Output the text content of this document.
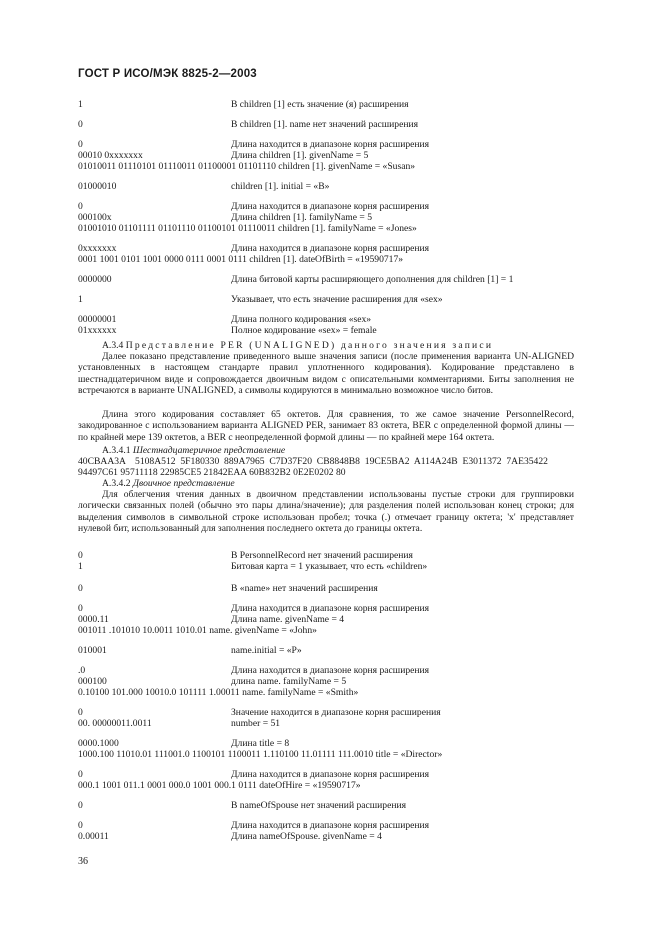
ГОСТ Р ИСО/МЭК 8825-2—2003
1	В children [1] есть значение (я) расширения
0	В children [1]. name нет значений расширения
0	Длина находится в диапазоне корня расширения
00010 0xxxxxxx	Длина children [1]. givenName = 5
01010011 01110101 01110011 01100001 01101110 children [1]. givenName = «Susan»
01000010	children [1]. initial = «B»
0	Длина находится в диапазоне корня расширения
000100x	Длина children [1]. familyName = 5
01001010 01101111 01101110 01100101 01110011 children [1]. familyName = «Jones»
0xxxxxxx	Длина находится в диапазоне корня расширения
0001 1001 0101 1001 0000 0111 0001 0111 children [1]. dateOfBirth = «19590717»
0000000	Длина битовой карты расширяющего дополнения для children [1] = 1
1	Указывает, что есть значение расширения для «sex»
00000001	Длина полного кодирования «sex»
01xxxxxx	Полное кодирование «sex» = female
А.3.4 Представление PER (UNALIGNED) данного значения записи

Далее показано представление приведенного выше значения записи (после применения варианта UN-ALIGNED установленных в настоящем стандарте правил уплотненного кодирования). Кодирование представлено в шестнадцатеричном виде и сопровождается двоичным видом с описательными комментариями. Биты заполнения не встречаются в варианте UNALIGNED, а символы кодируются в минимально возможное число битов.

Длина этого кодирования составляет 65 октетов. Для сравнения, то же самое значение PersonnelRecord, закодированное с использованием варианта ALIGNED PER, занимает 83 октета, BER с определенной формой длины — по крайней мере 139 октетов, а BER с неопределенной формой длины — по крайней мере 164 октета.

А.3.4.1 Шестнадцатеричное представление
40CBAA3A    5108A512  5F180330  889A7965  C7D37F20  CB8848B8  19CE5BA2  A114A24B  E3011372  7AE35422
94497C61 95711118 22985CE5 21842EAA 60B832B2 0E2E0202 80
А.3.4.2 Двоичное представление

Для облегчения чтения данных в двоичном представлении использованы пустые строки для группировки логически связанных полей (обычно это пары длина/значение); для разделения полей использован конец строки; для выделения символов в символьной строке использован пробел; точка (.) отмечает границу октета; 'x' представляет нулевой бит, использованный для заполнения последнего октета до границы октета.

0	В PersonnelRecord нет значений расширения
1	Битовая карта = 1 указывает, что есть «children»
0	В «name» нет значений расширения
0	Длина находится в диапазоне корня расширения
0000.11	Длина name. givenName = 4
001011 .101010 10.0011 1010.01 name. givenName = «John»
010001	name.initial = «P»
.0	Длина находится в диапазоне корня расширения
000100	длина name. familyName = 5
0.10100 101.000 10010.0 101111 1.00011 name. familyName = «Smith»
0	Значение находится в диапазоне корня расширения
00. 00000011.0011	number = 51
0000.1000	Длина title = 8
1000.100 11010.01 111001.0 1100101 1100011 1.110100 11.01111 111.0010 title = «Director»
0	Длина находится в диапазоне корня расширения
000.1 1001 011.1 0001 000.0 1001 000.1 0111 dateOfHire = «19590717»
0	В nameOfSpouse нет значений расширения
0	Длина находится в диапазоне корня расширения
0.00011	Длина nameOfSpouse. givenName = 4
36
